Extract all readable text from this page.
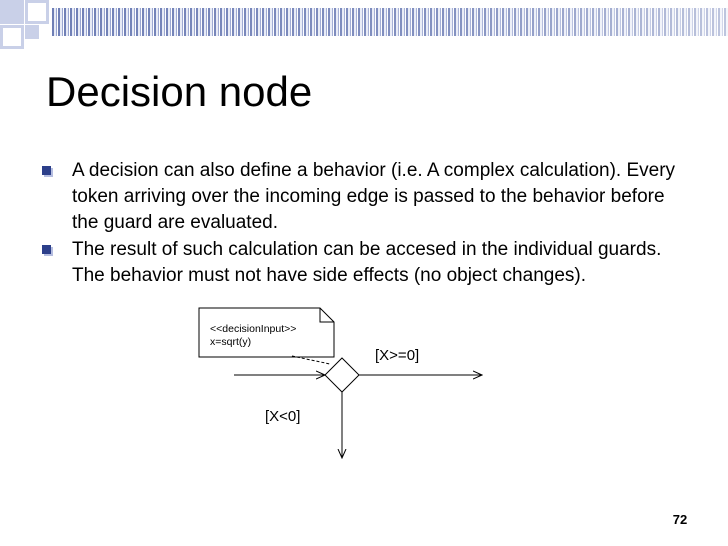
Decision node
A decision can also define a behavior (i.e. A complex calculation). Every token arriving over the incoming edge is passed to the behavior before the guard are evaluated.
The result of such calculation can be accesed in the individual guards. The behavior must not have side effects (no object changes).
<<decisionInput>>
x=sqrt(y)
[X>=0]
[X<0]
72
